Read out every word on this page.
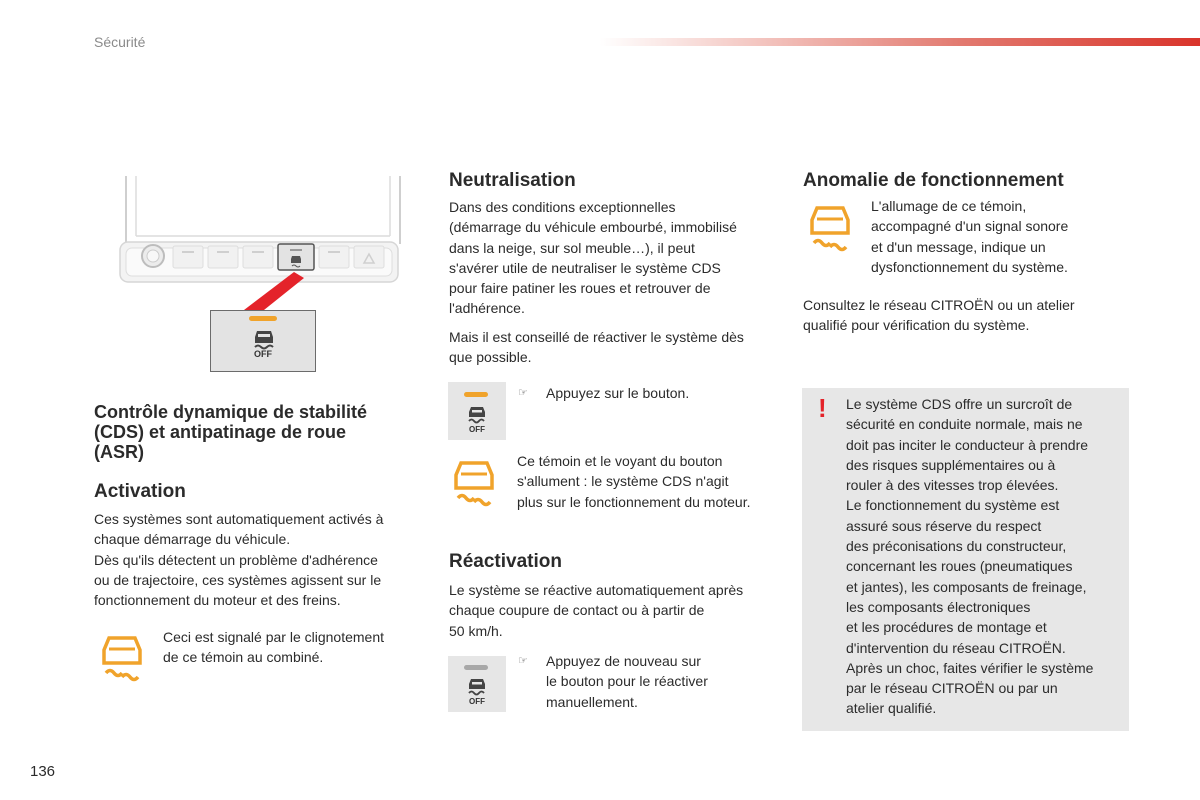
Sécurité
OFF
Contrôle dynamique de stabilité
(CDS) et antipatinage de roue
(ASR)
Activation
Ces systèmes sont automatiquement activés à
chaque démarrage du véhicule.
Dès qu'ils détectent un problème d'adhérence
ou de trajectoire, ces systèmes agissent sur le
fonctionnement du moteur et des freins.
Ceci est signalé par le clignotement
de ce témoin au combiné.
Neutralisation
Dans des conditions exceptionnelles
(démarrage du véhicule embourbé, immobilisé
dans la neige, sur sol meuble…), il peut
s'avérer utile de neutraliser le système CDS
pour faire patiner les roues et retrouver de
l'adhérence.
Mais il est conseillé de réactiver le système dès
que possible.
OFF
☞ Appuyez sur le bouton.
Ce témoin et le voyant du bouton
s'allument : le système CDS n'agit
plus sur le fonctionnement du moteur.
Réactivation
Le système se réactive automatiquement après
chaque coupure de contact ou à partir de
50 km/h.
OFF
☞ Appuyez de nouveau sur
le bouton pour le réactiver
manuellement.
Anomalie de fonctionnement
L'allumage de ce témoin,
accompagné d'un signal sonore
et d'un message, indique un
dysfonctionnement du système.
Consultez le réseau CITROËN ou un atelier
qualifié pour vérification du système.
! Le système CDS offre un surcroît de
sécurité en conduite normale, mais ne
doit pas inciter le conducteur à prendre
des risques supplémentaires ou à
rouler à des vitesses trop élevées.
Le fonctionnement du système est
assuré sous réserve du respect
des préconisations du constructeur,
concernant les roues (pneumatiques
et jantes), les composants de freinage,
les composants électroniques
et les procédures de montage et
d'intervention du réseau CITROËN.
Après un choc, faites vérifier le système
par le réseau CITROËN ou par un
atelier qualifié.
136
